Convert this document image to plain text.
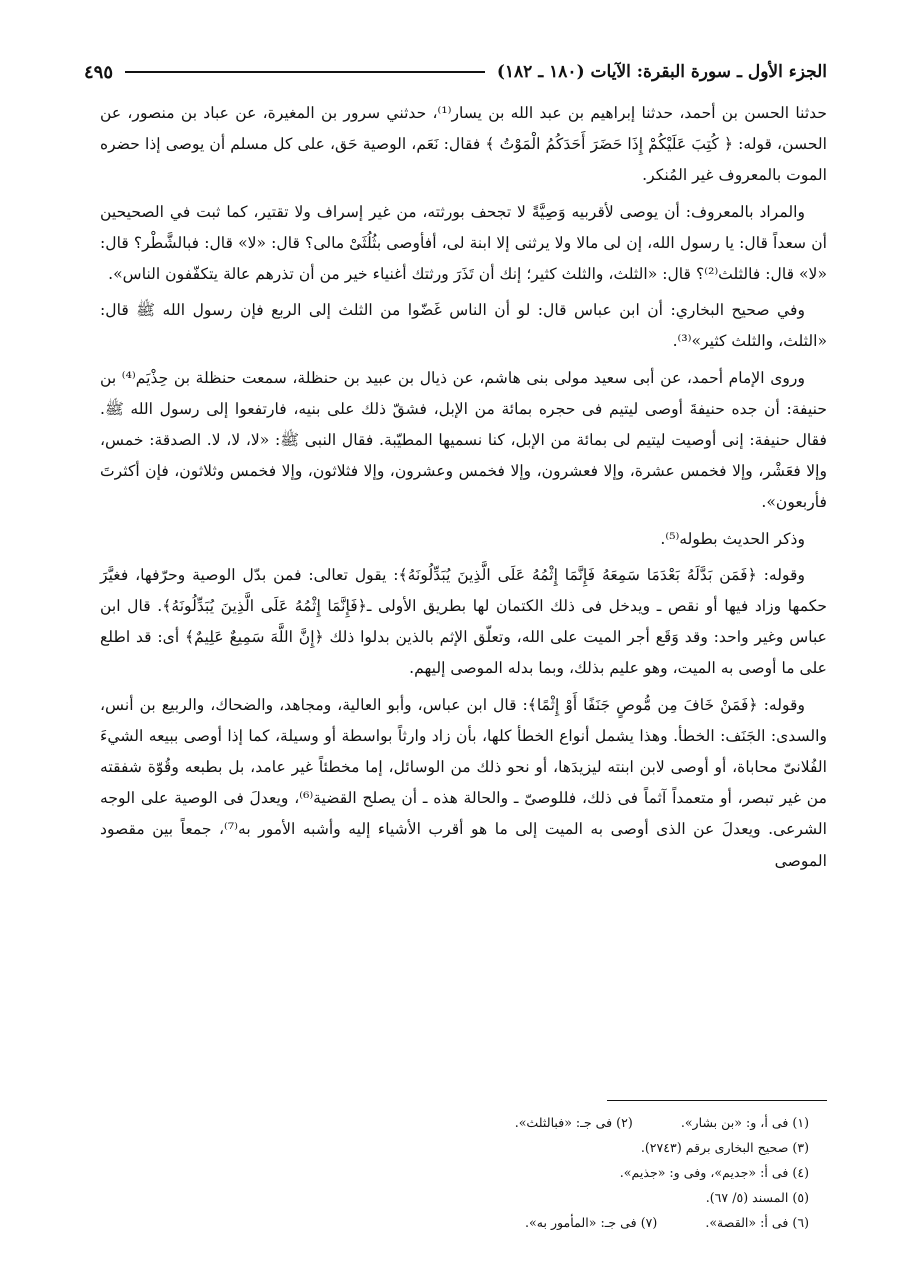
الجزء الأول ـ سورة البقرة: الآيات (١٨٠ ـ ١٨٢)
٤٩٥

حدثنا الحسن بن أحمد، حدثنا إبراهيم بن عبد الله بن يسار⁽¹⁾، حدثني سرور بن المغيرة، عن عباد بن منصور، عن الحسن، قوله: ﴿ كُتِبَ عَلَيْكُمْ إِذَا حَضَرَ أَحَدَكُمُ الْمَوْتُ ﴾ فقال: نَعَم، الوصية حَق، على كل مسلم أن يوصى إذا حضره الموت بالمعروف غير المُنكر.

والمراد بالمعروف: أن يوصى لأقربيه وَصِيَّةً لا تجحف بورثته، من غير إسراف ولا تقتير، كما ثبت في الصحيحين أن سعداً قال: يا رسول الله، إن لى مالا ولا يرثنى إلا ابنة لى، أفأوصى بثُلُثَىْ مالى؟ قال: «لا» قال: فبالشَّطْر؟ قال: «لا» قال: فالثلث⁽²⁾؟ قال: «الثلث، والثلث كثير؛ إنك أن تَذَرَ ورثتك أغنياء خير من أن تذرهم عالة يتكفّفون الناس».

وفي صحيح البخاري: أن ابن عباس قال: لو أن الناس غَضّوا من الثلث إلى الربع فإن رسول الله ﷺ قال: «الثلث، والثلث كثير»⁽³⁾.

وروى الإمام أحمد، عن أبى سعيد مولى بنى هاشم، عن ذيال بن عبيد بن حنظلة، سمعت حنظلة بن حِذْيَم⁽⁴⁾ بن حنيفة: أن جده حنيفةَ أوصى ليتيم فى حجره بمائة من الإبل، فشقّ ذلك على بنيه، فارتفعوا إلى رسول الله ﷺ. فقال حنيفة: إنى أوصيت ليتيم لى بمائة من الإبل، كنا نسميها المطيّبة. فقال النبى ﷺ: «لا، لا، لا. الصدقة: خمس، وإلا فعَشْر، وإلا فخمس عشرة، وإلا فعشرون، وإلا فخمس وعشرون، وإلا فثلاثون، وإلا فخمس وثلاثون، فإن أكثرتَ فأربعون».

وذكر الحديث بطوله⁽⁵⁾.

وقوله: ﴿فَمَن بَدَّلَهُ بَعْدَمَا سَمِعَهُ فَإِنَّمَا إِثْمُهُ عَلَى الَّذِينَ يُبَدِّلُونَهُ﴾: يقول تعالى: فمن بدّل الوصية وحرّفها، فغيَّرَ حكمها وزاد فيها أو نقص ـ ويدخل فى ذلك الكتمان لها بطريق الأولى ـ﴿فَإِنَّمَا إِثْمُهُ عَلَى الَّذِينَ يُبَدِّلُونَهُ﴾. قال ابن عباس وغير واحد: وقد وَقَع أجر الميت على الله، وتعلّق الإثم بالذين بدلوا ذلك ﴿إِنَّ اللَّهَ سَمِيعٌ عَلِيمٌ﴾ أى: قد اطلع على ما أوصى به الميت، وهو عليم بذلك، وبما بدله الموصى إليهم.

وقوله: ﴿فَمَنْ خَافَ مِن مُّوصٍ جَنَفًا أَوْ إِثْمًا﴾: قال ابن عباس، وأبو العالية، ومجاهد، والضحاك، والربيع بن أنس، والسدى: الجَنَف: الخطأ. وهذا يشمل أنواع الخطأ كلها، بأن زاد وارثاً بواسطة أو وسيلة، كما إذا أوصى ببيعه الشيءَ الفُلانىّ محاباة، أو أوصى لابن ابنته ليزيدَها، أو نحو ذلك من الوسائل، إما مخطئاً غير عامد، بل بطبعه وقُوّة شفقته من غير تبصر، أو متعمداً آثماً فى ذلك، فللوصىّ ـ والحالة هذه ـ أن يصلح القضية⁽⁶⁾، ويعدلَ فى الوصية على الوجه الشرعى. ويعدلَ عن الذى أوصى به الميت إلى ما هو أقرب الأشياء إليه وأشبه الأمور به⁽⁷⁾، جمعاً بين مقصود الموصى

(١) فى أ، و: «بن بشار».  (٢) فى جـ: «فبالثلث».
(٣) صحيح البخارى برقم (٢٧٤٣).
(٤) فى أ: «جديم»، وفى و: «جذيم».
(٥) المسند (٥/ ٦٧).
(٦) فى أ: «القصة».  (٧) فى جـ: «المأمور به».
